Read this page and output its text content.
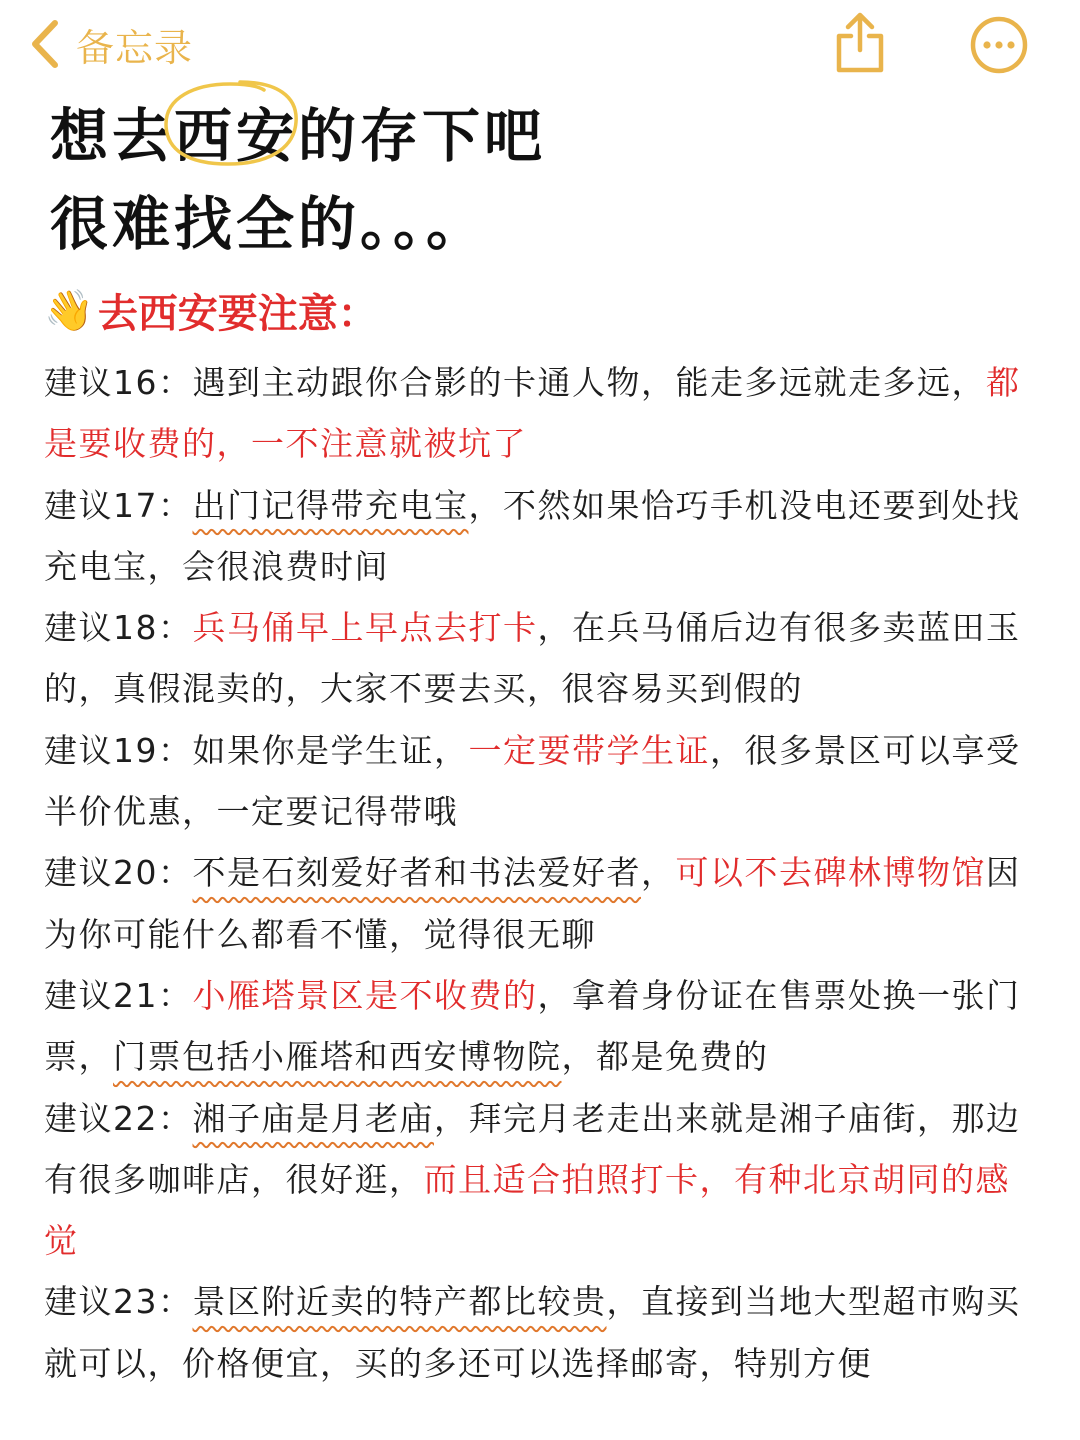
备忘录
想去西安的存下吧
很难找全的。。。
👋 去西安要注意：

建议16：遇到主动跟你合影的卡通人物，能走多远就走多远，都是要收费的，一不注意就被坑了

建议17：出门记得带充电宝，不然如果恰巧手机没电还要到处找充电宝，会很浪费时间

建议18：兵马俑早上早点去打卡，在兵马俑后边有很多卖蓝田玉的，真假混卖的，大家不要去买，很容易买到假的

建议19：如果你是学生证，一定要带学生证，很多景区可以享受半价优惠，一定要记得带哦

建议20：不是石刻爱好者和书法爱好者，可以不去碑林博物馆因为你可能什么都看不懂，觉得很无聊

建议21：小雁塔景区是不收费的，拿着身份证在售票处换一张门票，门票包括小雁塔和西安博物院，都是免费的

建议22：湘子庙是月老庙，拜完月老走出来就是湘子庙街，那边有很多咖啡店，很好逛，而且适合拍照打卡，有种北京胡同的感觉

建议23：景区附近卖的特产都比较贵，直接到当地大型超市购买就可以，价格便宜，买的多还可以选择邮寄，特别方便
